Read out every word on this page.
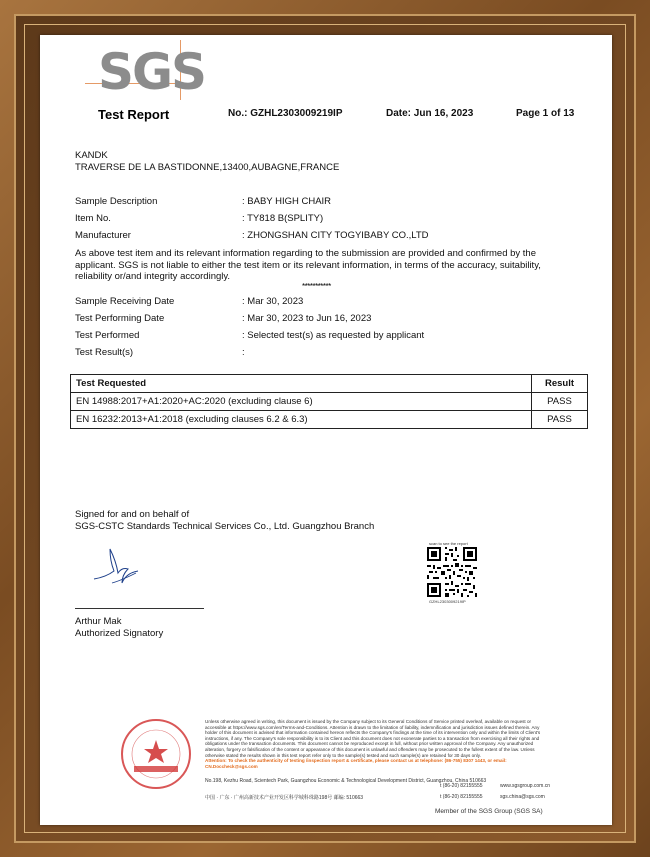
SGS
Test Report	No.: GZHL2303009219IP	Date: Jun 16, 2023	Page 1 of 13
KANDK
TRAVERSE DE LA BASTIDONNE,13400,AUBAGNE,FRANCE
Sample Description	: BABY HIGH CHAIR
Item No.	: TY818 B(SPLITY)
Manufacturer	: ZHONGSHAN CITY TOGYIBABY CO.,LTD
As above test item and its relevant information regarding to the submission are provided and confirmed by the
applicant. SGS is not liable to either the test item or its relevant information, in terms of the accuracy, suitability,
reliability or/and integrity accordingly.
***********
Sample Receiving Date	: Mar 30, 2023
Test Performing Date	: Mar 30, 2023 to Jun 16, 2023
Test Performed	: Selected test(s) as requested by applicant
Test Result(s)	:
Test Requested	Result
EN 14988:2017+A1:2020+AC:2020 (excluding clause 6)	PASS
EN 16232:2013+A1:2018 (excluding clauses 6.2 & 6.3)	PASS
Signed for and on behalf of
SGS-CSTC Standards Technical Services Co., Ltd. Guangzhou Branch
Arthur Mak
Authorized Signatory
scan to see the report
GZHL2303009219IP
Unless otherwise agreed in writing, this document is issued by the Company subject to its General Conditions of Service printed overleaf, available on request or accessible at https://www.sgs.com/en/Terms-and-Conditions. Attention is drawn to the limitation of liability, indemnification and jurisdiction issues defined therein. Any holder of this document is advised that information contained hereon reflects the Company's findings at the time of its intervention only and within the limits of Client's instructions, if any. The Company's sole responsibility is to its Client and this document does not exonerate parties to a transaction from exercising all their rights and obligations under the transaction documents. This document cannot be reproduced except in full, without prior written approval of the Company. Any unauthorized alteration, forgery or falsification of the content or appearance of this document is unlawful and offenders may be prosecuted to the fullest extent of the law. Unless otherwise stated the results shown in this test report refer only to the sample(s) tested and such sample(s) are retained for 30 days only.
Attention: To check the authenticity of testing /inspection report & certificate, please contact us at telephone: (86-755) 8307 1443, or email: CN.Doccheck@sgs.com
No.198, Kezhu Road, Scientech Park, Guangzhou Economic & Technological Development District, Guangzhou, China 510663
中国 · 广东 · 广州高新技术产业开发区科学城科珠路198号 邮编: 510663
t (86-20) 82155555
t (86-20) 82155555
www.sgsgroup.com.cn
sgs.china@sgs.com
Member of the SGS Group (SGS SA)
